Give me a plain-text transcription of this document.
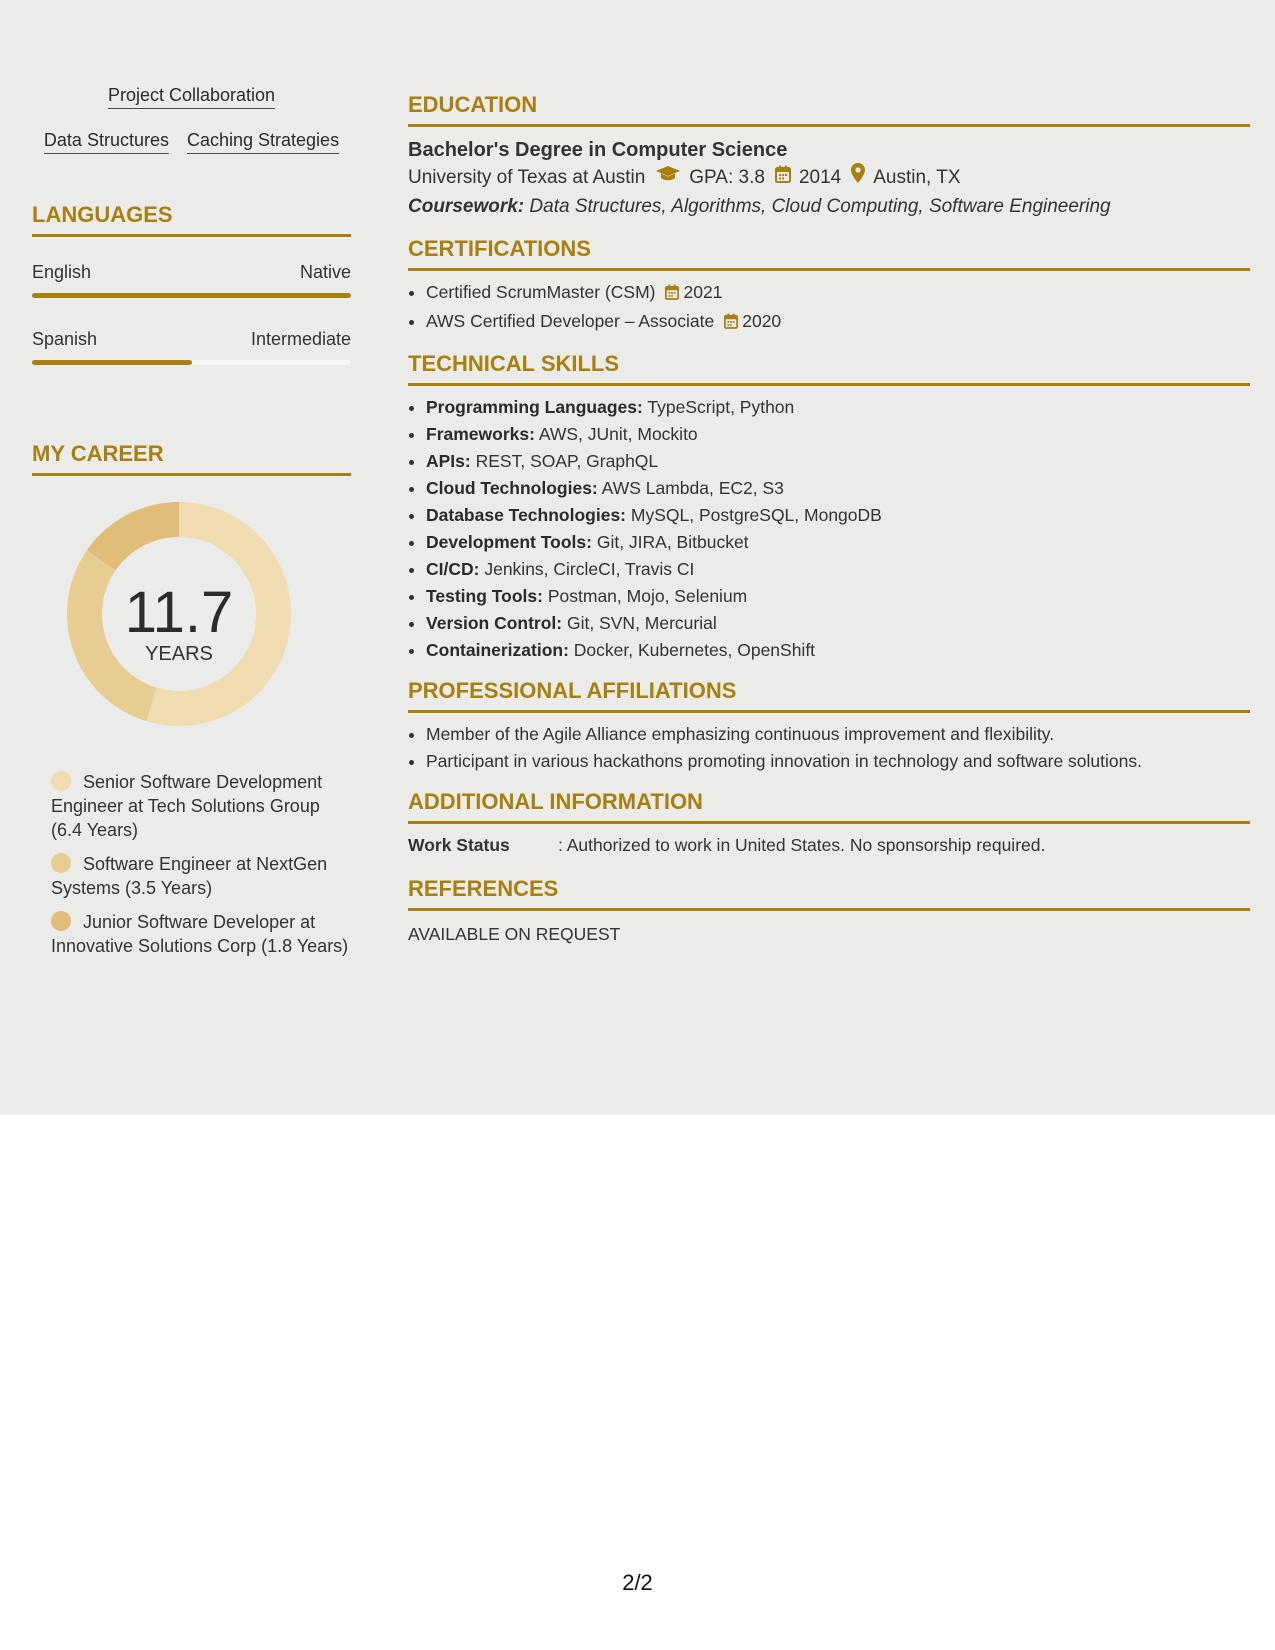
Project Collaboration
Data Structures Caching Strategies
LANGUAGES
English	Native
Spanish	Intermediate
MY CAREER
11.7
YEARS
Senior Software Development Engineer at Tech Solutions Group (6.4 Years)
Software Engineer at NextGen Systems (3.5 Years)
Junior Software Developer at Innovative Solutions Corp (1.8 Years)
EDUCATION
Bachelor's Degree in Computer Science
University of Texas at Austin GPA: 3.8 2014 Austin, TX
Coursework: Data Structures, Algorithms, Cloud Computing, Software Engineering
CERTIFICATIONS
• Certified ScrumMaster (CSM) 2021
• AWS Certified Developer – Associate 2020
TECHNICAL SKILLS
• Programming Languages: TypeScript, Python
• Frameworks: AWS, JUnit, Mockito
• APIs: REST, SOAP, GraphQL
• Cloud Technologies: AWS Lambda, EC2, S3
• Database Technologies: MySQL, PostgreSQL, MongoDB
• Development Tools: Git, JIRA, Bitbucket
• CI/CD: Jenkins, CircleCI, Travis CI
• Testing Tools: Postman, Mojo, Selenium
• Version Control: Git, SVN, Mercurial
• Containerization: Docker, Kubernetes, OpenShift
PROFESSIONAL AFFILIATIONS
• Member of the Agile Alliance emphasizing continuous improvement and flexibility.
• Participant in various hackathons promoting innovation in technology and software solutions.
ADDITIONAL INFORMATION
Work Status	: Authorized to work in United States. No sponsorship required.
REFERENCES
AVAILABLE ON REQUEST
2/2
